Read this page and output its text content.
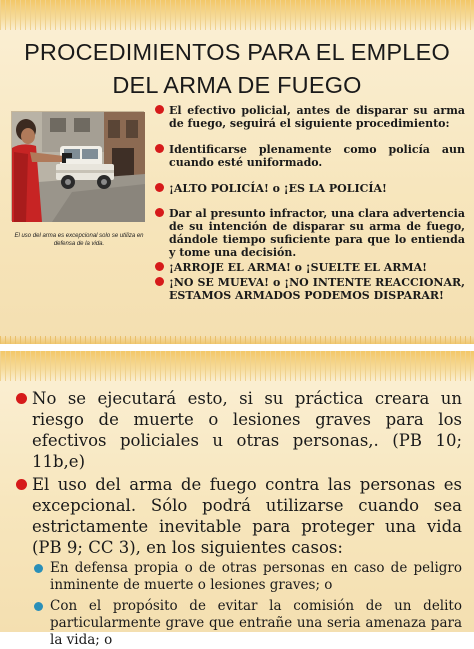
PROCEDIMIENTOS PARA EL EMPLEO DEL ARMA DE FUEGO
El uso del arma es excepcional solo se utiliza en defensa de la vida.
El efectivo policial, antes de disparar su arma de fuego, seguirá el siguiente procedimiento:
Identificarse plenamente como policía aun cuando esté uniformado.
¡ALTO POLICÍA! o ¡ES LA POLICÍA!
Dar al presunto infractor, una clara advertencia de su intención de disparar su arma de fuego, dándole tiempo suficiente para que lo entienda y tome una decisión.
¡ARROJE EL ARMA! o ¡SUELTE EL ARMA!
¡NO SE MUEVA! o ¡NO INTENTE REACCIONAR, ESTAMOS ARMADOS PODEMOS DISPARAR!
No se ejecutará esto, si su práctica creara un riesgo de muerte o lesiones graves para los efectivos policiales u otras personas,. (PB 10; 11b,e)
El uso del arma de fuego contra las personas es excepcional. Sólo podrá utilizarse cuando sea estrictamente inevitable para proteger una vida (PB 9; CC 3), en los siguientes casos:
En defensa propia o de otras personas en caso de peligro inminente de muerte o lesiones graves; o
Con el propósito de evitar la comisión de un delito particularmente grave que entrañe una seria amenaza para la vida; o
